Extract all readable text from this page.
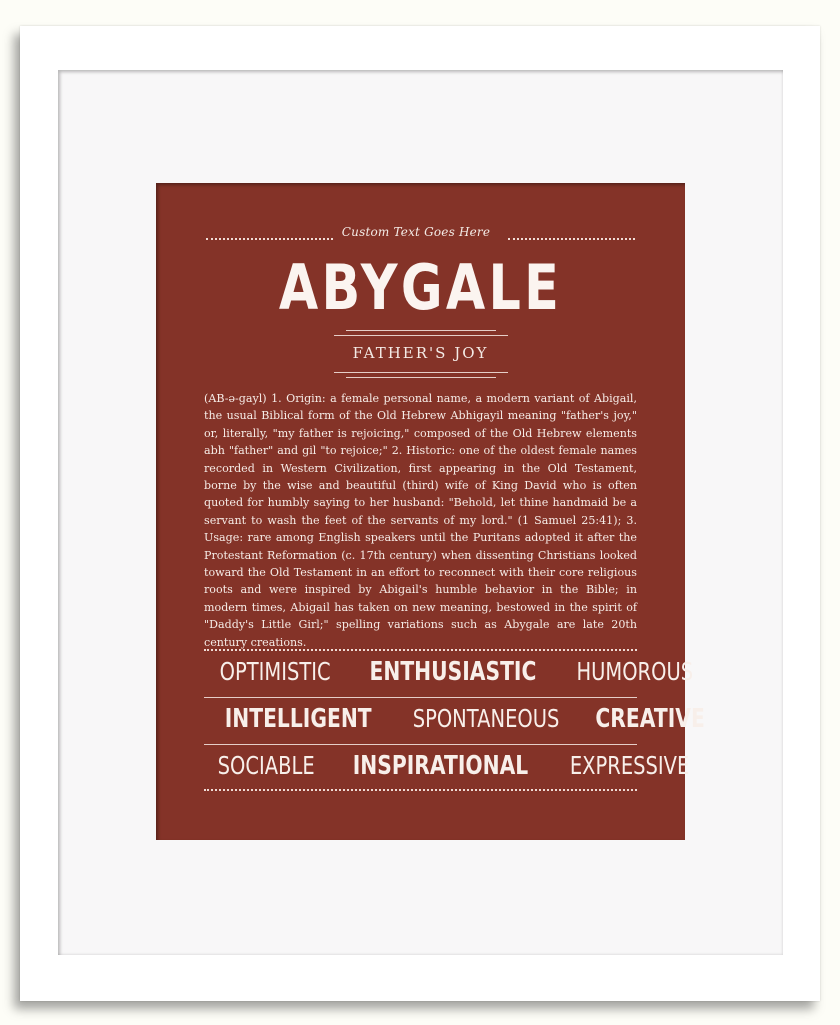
Custom Text Goes Here
ABYGALE
FATHER'S JOY
(AB-ə-gayl) 1. Origin: a female personal name, a modern variant of Abigail, the usual Biblical form of the Old Hebrew Abhigayil meaning "father's joy," or, literally, "my father is rejoicing," composed of the Old Hebrew elements abh "father" and gil "to rejoice;" 2. Historic: one of the oldest female names recorded in Western Civilization, first appearing in the Old Testament, borne by the wise and beautiful (third) wife of King David who is often quoted for humbly saying to her husband: "Behold, let thine handmaid be a servant to wash the feet of the servants of my lord." (1 Samuel 25:41); 3. Usage: rare among English speakers until the Puritans adopted it after the Protestant Reformation (c. 17th century) when dissenting Christians looked toward the Old Testament in an effort to reconnect with their core religious roots and were inspired by Abigail's humble behavior in the Bible; in modern times, Abigail has taken on new meaning, bestowed in the spirit of "Daddy's Little Girl;" spelling variations such as Abygale are late 20th century creations.
OPTIMISTIC ENTHUSIASTIC HUMOROUS
INTELLIGENT SPONTANEOUS CREATIVE
SOCIABLE INSPIRATIONAL EXPRESSIVE
